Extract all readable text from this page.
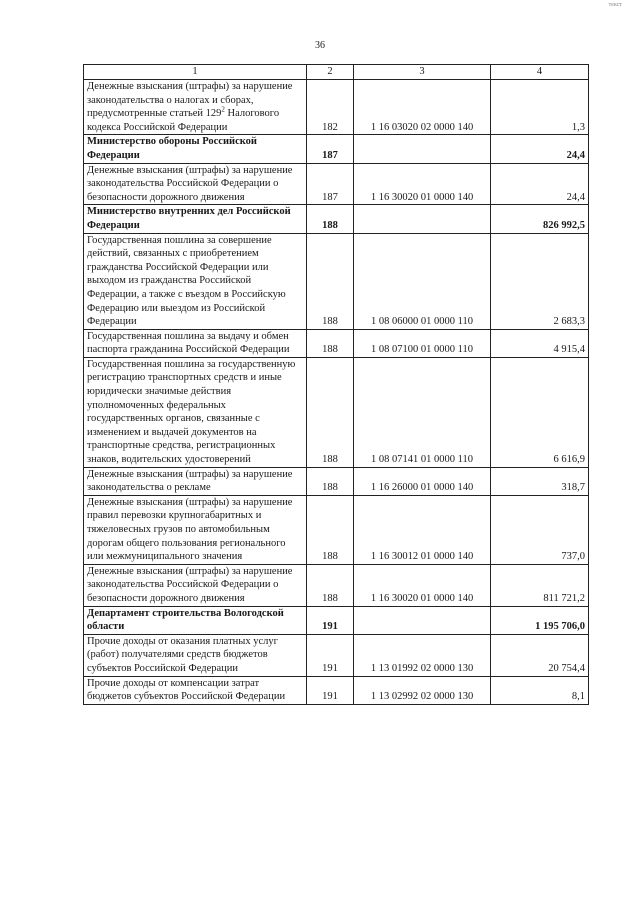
текст
36
1	2	3	4
Денежные взыскания (штрафы) за нарушение законодательства о налогах и сборах, предусмотренные статьей $129^2$ Налогового кодекса Российской Федерации	182	1 16 03020 02 0000 140	1,3
Министерство обороны Российской Федерации	187		24,4
Денежные взыскания (штрафы) за нарушение законодательства Российской Федерации о безопасности дорожного движения	187	1 16 30020 01 0000 140	24,4
Министерство внутренних дел Российской Федерации	188		826 992,5
Государственная пошлина за совершение действий, связанных с приобретением гражданства Российской Федерации или выходом из гражданства Российской Федерации, а также с въездом в Российскую Федерацию или выездом из Российской Федерации	188	1 08 06000 01 0000 110	2 683,3
Государственная пошлина за выдачу и обмен паспорта гражданина Российской Федерации	188	1 08 07100 01 0000 110	4 915,4
Государственная пошлина за государственную регистрацию транспортных средств и иные юридически значимые действия уполномоченных федеральных государственных органов, связанные с изменением и выдачей документов на транспортные средства, регистрационных знаков, водительских удостоверений	188	1 08 07141 01 0000 110	6 616,9
Денежные взыскания (штрафы) за нарушение законодательства о рекламе	188	1 16 26000 01 0000 140	318,7
Денежные взыскания (штрафы) за нарушение правил перевозки крупногабаритных и тяжеловесных грузов по автомобильным дорогам общего пользования регионального или межмуниципального значения	188	1 16 30012 01 0000 140	737,0
Денежные взыскания (штрафы) за нарушение законодательства Российской Федерации о безопасности дорожного движения	188	1 16 30020 01 0000 140	811 721,2
Департамент строительства Вологодской области	191		1 195 706,0
Прочие доходы от оказания платных услуг (работ) получателями средств бюджетов субъектов Российской Федерации	191	1 13 01992 02 0000 130	20 754,4
Прочие доходы от компенсации затрат бюджетов субъектов Российской Федерации	191	1 13 02992 02 0000 130	8,1
